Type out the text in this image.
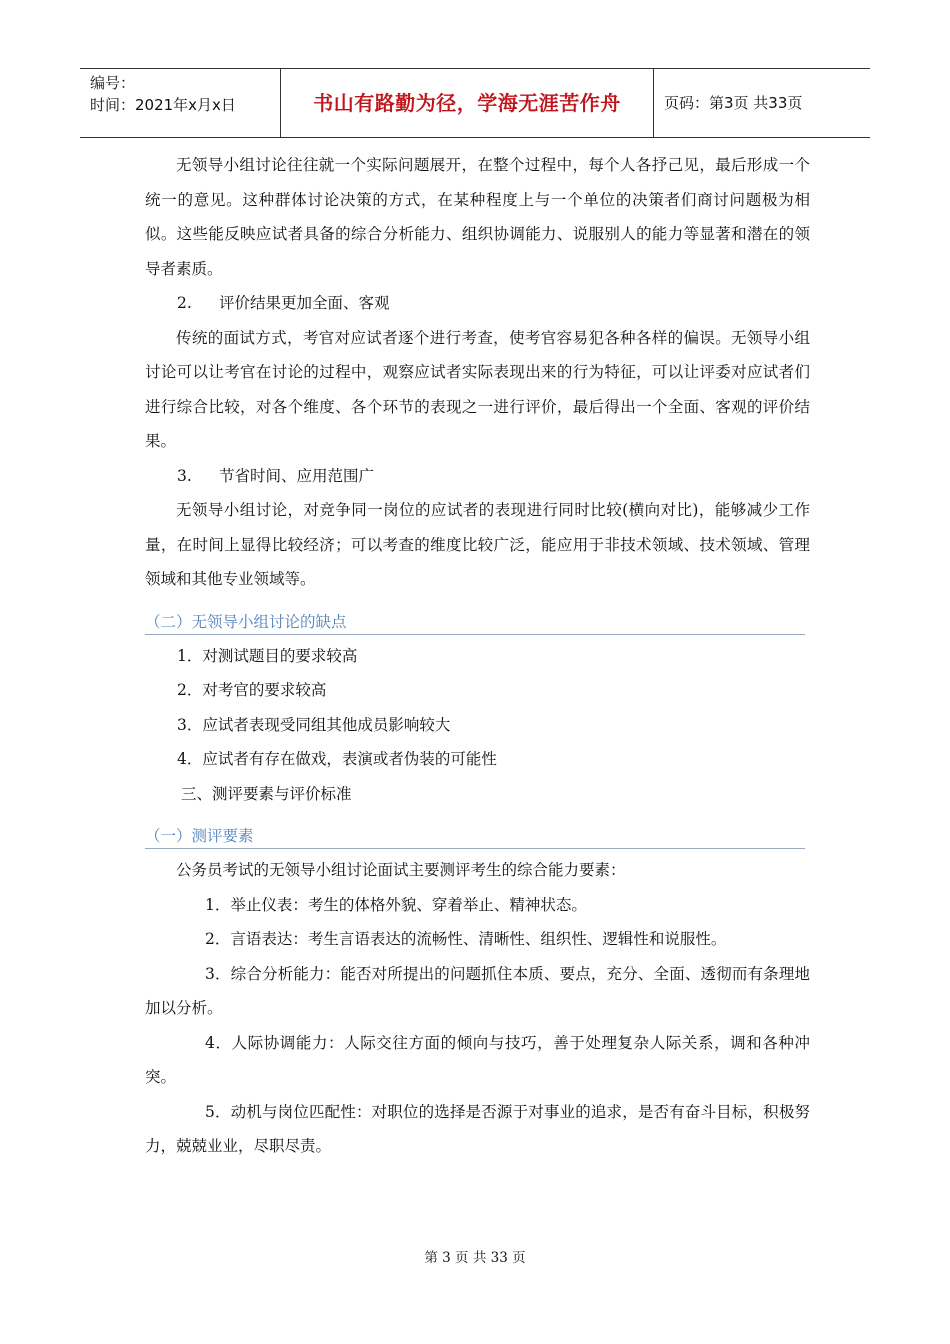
编号：
时间：2021年x月x日	书山有路勤为径，学海无涯苦作舟	页码：第3页 共33页

无领导小组讨论往往就一个实际问题展开，在整个过程中，每个人各抒己见，最后形成一个统一的意见。这种群体讨论决策的方式，在某种程度上与一个单位的决策者们商讨问题极为相似。这些能反映应试者具备的综合分析能力、组织协调能力、说服别人的能力等显著和潜在的领导者素质。

2. 评价结果更加全面、客观

传统的面试方式，考官对应试者逐个进行考查，使考官容易犯各种各样的偏误。无领导小组讨论可以让考官在讨论的过程中，观察应试者实际表现出来的行为特征，可以让评委对应试者们进行综合比较，对各个维度、各个环节的表现之一进行评价，最后得出一个全面、客观的评价结果。

3. 节省时间、应用范围广

无领导小组讨论，对竞争同一岗位的应试者的表现进行同时比较(横向对比)，能够减少工作量，在时间上显得比较经济；可以考查的维度比较广泛，能应用于非技术领域、技术领域、管理领域和其他专业领域等。

（二）无领导小组讨论的缺点

1．对测试题目的要求较高

2．对考官的要求较高

3．应试者表现受同组其他成员影响较大

4．应试者有存在做戏，表演或者伪装的可能性

三、测评要素与评价标准

（一）测评要素

公务员考试的无领导小组讨论面试主要测评考生的综合能力要素：

1．举止仪表：考生的体格外貌、穿着举止、精神状态。

2．言语表达：考生言语表达的流畅性、清晰性、组织性、逻辑性和说服性。

3．综合分析能力：能否对所提出的问题抓住本质、要点，充分、全面、透彻而有条理地加以分析。

4．人际协调能力：人际交往方面的倾向与技巧，善于处理复杂人际关系，调和各种冲突。

5．动机与岗位匹配性：对职位的选择是否源于对事业的追求，是否有奋斗目标，积极努力，兢兢业业，尽职尽责。

第 3 页 共 33 页
